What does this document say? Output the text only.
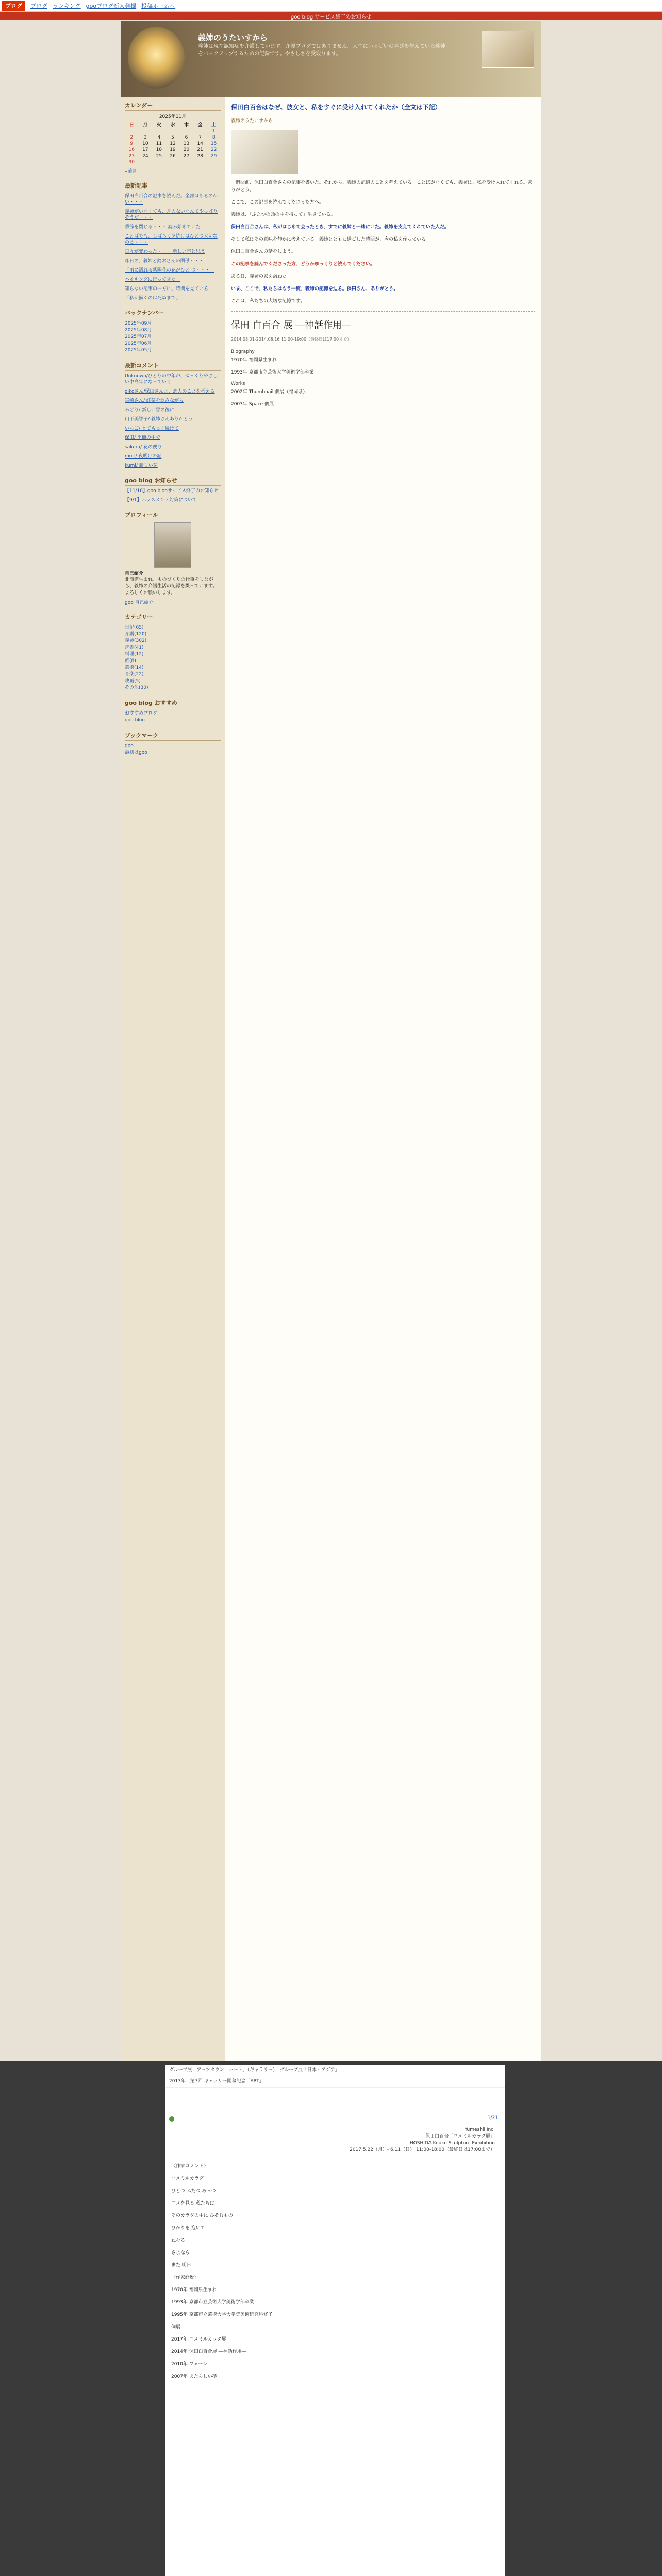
ブログ	ブログ ランキング gooブログ新人発掘 投稿ホームへ
goo blog サービス終了のお知らせ
義姉のうたいすから
義姉は現在認知症を介護しています。介護ブログではありません。人生にいっぱいの喜びを与えていた義姉をバックアップするための記録です。やさしさを受取ります。
カレンダー
2025年11月
日	月	火	水	木	金	土
						1
2	3	4	5	6	7	8
9	10	11	12	13	14	15
16	17	18	19	20	21	22
23	24	25	26	27	28	29
30						
«前月
最新記事
保田白百合の記事を読んだ。全部はあるのかい・・・
義姉がいなくても、月のないなんてやっぱりそうだ・・・
季節を閉じる・・・ 読み始めていた
ことばでも、しばらく夕焼けはひとつ大切なのは・・・
日々が変わった・・・ 新しい年と思う
昨日の、義姉と鈴木さんの関係・・・
「雨に濡れる紫陽花の花がひと つ・・・」
ハイキングに行ってきた。
知らない記事の一方に、時間を見ている
「私が描くのは死ぬまで」
バックナンバー
2025年09月
2025年08月
2025年07月
2025年06月
2025年05月
最新コメント
Unknown/ひとりの中年が、ゆっくりやさしい中高年になっていく
oikoさん/保田さんと、恋人のことを考える
宮崎さん/ 紅茶を飲みながら
みどり/ 新しい雪の後に
山下美智子/ 義姉さんありがとう
いちご/ とても長く続けて
保田/ 季節の中で
sakura/ 花の便り
mori/ 夜明けの記
kumi/ 新しい芽
goo blog お知らせ
【11/18】goo blogサービス終了のお知らせ
【9/1】ハラスメント対策について
プロフィール
自己紹介
北海道生まれ、ものづくりの仕事をしながら、義姉の介護生活の記録を綴っています。よろしくお願いします。
goo 自己紹介
カテゴリー
日記(65)
介護(120)
義姉(302)
読書(41)
料理(12)
旅(8)
芸術(14)
音楽(22)
映画(5)
その他(30)
goo blog おすすめ
おすすめブログ
goo blog
ブックマーク
goo
最初はgoo
保田白百合はなぜ、彼女と、私をすぐに受け入れてくれたか（全文は下記）
義姉のうたいすから

一週間前、保田白百合さんの記事を書いた。それから、義姉の記憶のことを考えている。ことばがなくても、義姉は、私を受け入れてくれる。ありがとう。

ここで、この記事を読んでくださった方へ。

義姉は、「ふたつの頭の中を持って」生きている。

保田白百合さんは、私がはじめて会ったとき、すでに義姉と一緒にいた。義姉を支えてくれていた人だ。

そして私はその意味を静かに考えている。義姉とともに過ごした時間が、今の私を作っている。

保田白百合さんの話をしよう。

この記事を読んでくださった方、どうかゆっくりと読んでください。

ある日、義姉の家を訪ねた。

いま、ここで、私たちはもう一度、義姉の記憶を辿る。保田さん、ありがとう。

これは、私たちの大切な記憶です。

保田 白百合 展 ―神話作用―
2014.08.01-2014.08.16 11:00-19:00（最終日は17:00まで）
Biography
1970年 福岡県生まれ
1993年 京都市立芸術大学美術学部卒業
Works
2002年 Thumbnail 個展（福岡県）
2003年 Space 個展
グループ展　アーツタウン「ハート」（ギャラリー）　グループ展「日本・アジア」
2013年　第7回 ギャラリー開幕記念「ART」
1/21
Yumeshii Inc.
保田白百合「ユメミルカラダ展」
HOSHIDA Kouko Sculpture Exhibition
2017.5.22（月）- 6.11（日） 11:00-18:00（最終日は17:00まで）

〈作家コメント〉

ユメミルカラダ

ひとつ ふたつ みっつ

ユメを見る 私たちは

そのカラダの中に ひそむもの

ひかりを 抱いて

ねむる

さよなら

また 明日

〈作家経歴〉

1970年 福岡県生まれ

1993年 京都市立芸術大学美術学部卒業

1995年 京都市立芸術大学大学院美術研究科修了

個展

2017年 ユメミルカラダ展

2014年 保田白百合展 ―神話作用―

2010年 フェーレ

2007年 あたらしい夢
